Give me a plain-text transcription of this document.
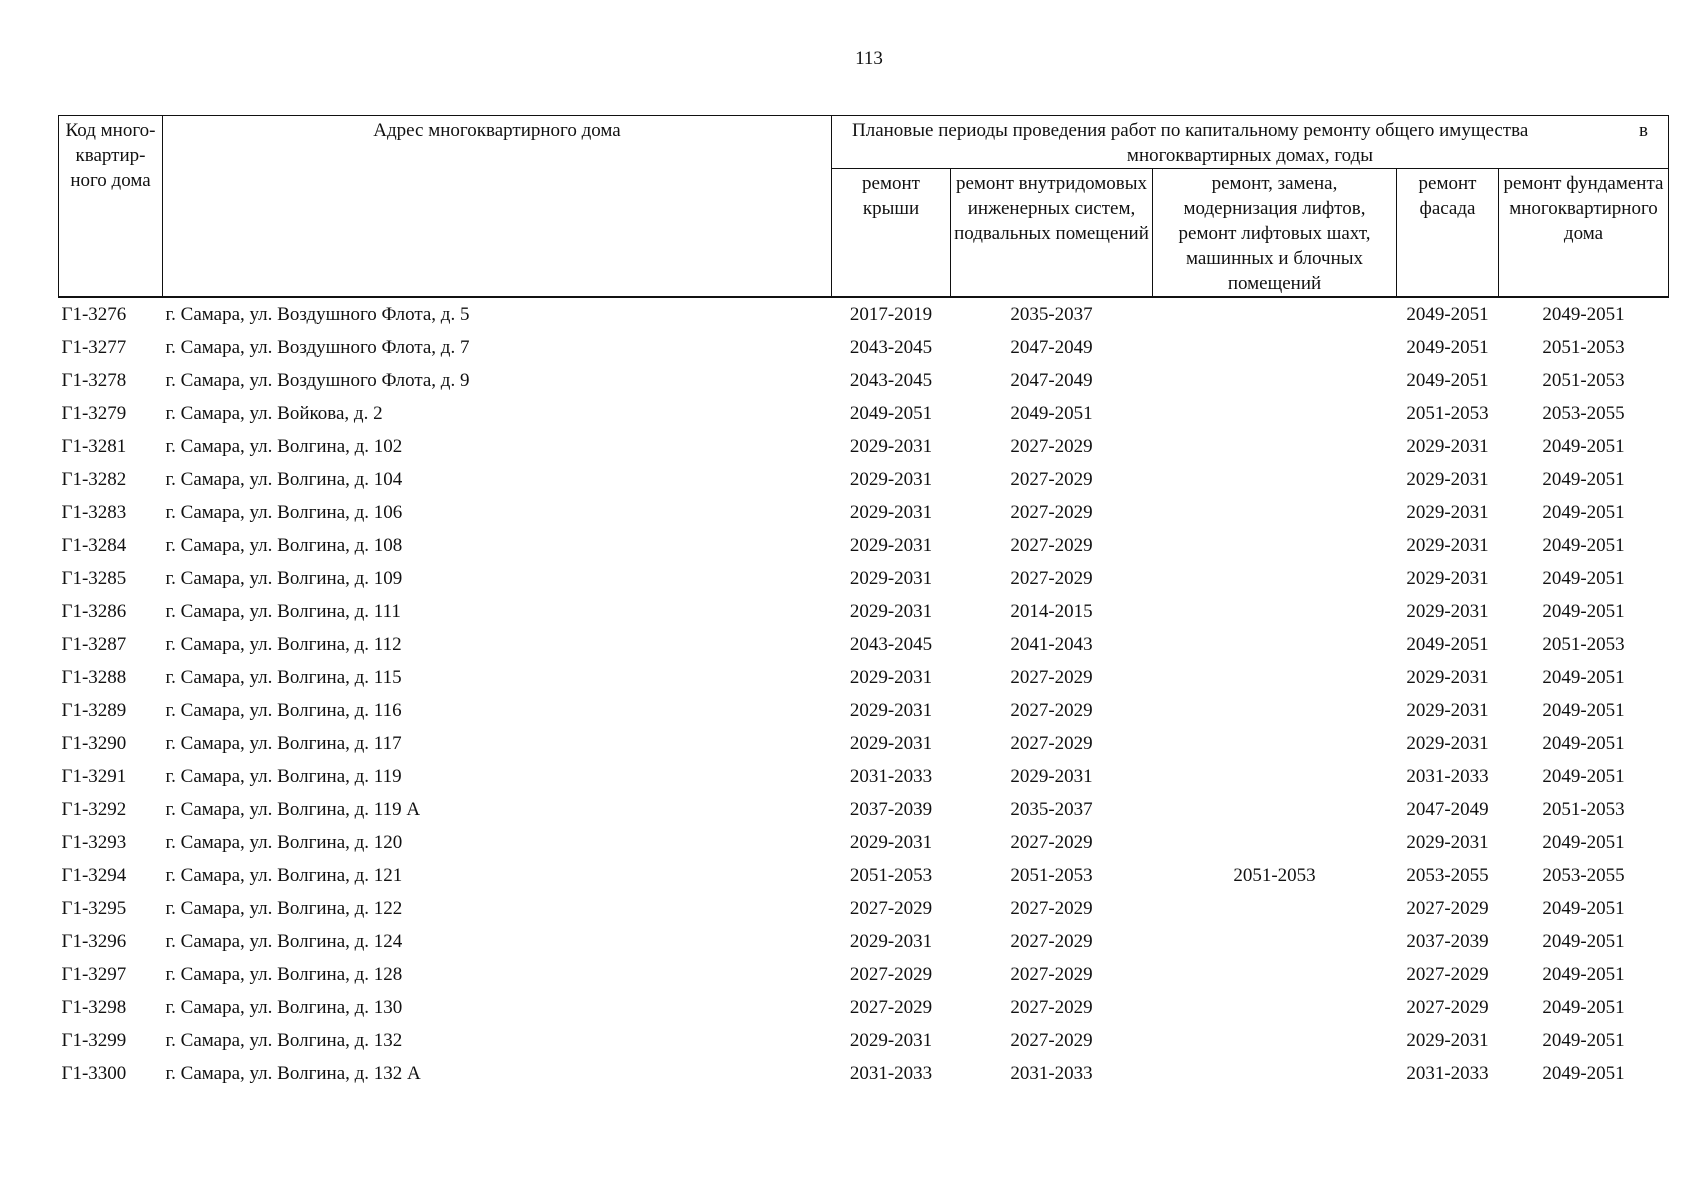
113
Код много-квартир-ного дома	Адрес многоквартирного дома	Плановые периоды проведения работ по капитальному ремонту общего имущества в
многоквартирных домах, годы				

		ремонт крыши	ремонт внутридомовых инженерных систем, подвальных помещений	ремонт, замена, модернизация лифтов, ремонт лифтовых шахт, машинных и блочных помещений	ремонт фасада	ремонт фундамента многоквартирного дома
Г1-3276	г. Самара, ул. Воздушного Флота, д. 5	2017-2019	2035-2037		2049-2051	2049-2051
Г1-3277	г. Самара, ул. Воздушного Флота, д. 7	2043-2045	2047-2049		2049-2051	2051-2053
Г1-3278	г. Самара, ул. Воздушного Флота, д. 9	2043-2045	2047-2049		2049-2051	2051-2053
Г1-3279	г. Самара, ул. Войкова, д. 2	2049-2051	2049-2051		2051-2053	2053-2055
Г1-3281	г. Самара, ул. Волгина, д. 102	2029-2031	2027-2029		2029-2031	2049-2051
Г1-3282	г. Самара, ул. Волгина, д. 104	2029-2031	2027-2029		2029-2031	2049-2051
Г1-3283	г. Самара, ул. Волгина, д. 106	2029-2031	2027-2029		2029-2031	2049-2051
Г1-3284	г. Самара, ул. Волгина, д. 108	2029-2031	2027-2029		2029-2031	2049-2051
Г1-3285	г. Самара, ул. Волгина, д. 109	2029-2031	2027-2029		2029-2031	2049-2051
Г1-3286	г. Самара, ул. Волгина, д. 111	2029-2031	2014-2015		2029-2031	2049-2051
Г1-3287	г. Самара, ул. Волгина, д. 112	2043-2045	2041-2043		2049-2051	2051-2053
Г1-3288	г. Самара, ул. Волгина, д. 115	2029-2031	2027-2029		2029-2031	2049-2051
Г1-3289	г. Самара, ул. Волгина, д. 116	2029-2031	2027-2029		2029-2031	2049-2051
Г1-3290	г. Самара, ул. Волгина, д. 117	2029-2031	2027-2029		2029-2031	2049-2051
Г1-3291	г. Самара, ул. Волгина, д. 119	2031-2033	2029-2031		2031-2033	2049-2051
Г1-3292	г. Самара, ул. Волгина, д. 119 А	2037-2039	2035-2037		2047-2049	2051-2053
Г1-3293	г. Самара, ул. Волгина, д. 120	2029-2031	2027-2029		2029-2031	2049-2051
Г1-3294	г. Самара, ул. Волгина, д. 121	2051-2053	2051-2053	2051-2053	2053-2055	2053-2055
Г1-3295	г. Самара, ул. Волгина, д. 122	2027-2029	2027-2029		2027-2029	2049-2051
Г1-3296	г. Самара, ул. Волгина, д. 124	2029-2031	2027-2029		2037-2039	2049-2051
Г1-3297	г. Самара, ул. Волгина, д. 128	2027-2029	2027-2029		2027-2029	2049-2051
Г1-3298	г. Самара, ул. Волгина, д. 130	2027-2029	2027-2029		2027-2029	2049-2051
Г1-3299	г. Самара, ул. Волгина, д. 132	2029-2031	2027-2029		2029-2031	2049-2051
Г1-3300	г. Самара, ул. Волгина, д. 132 А	2031-2033	2031-2033		2031-2033	2049-2051
